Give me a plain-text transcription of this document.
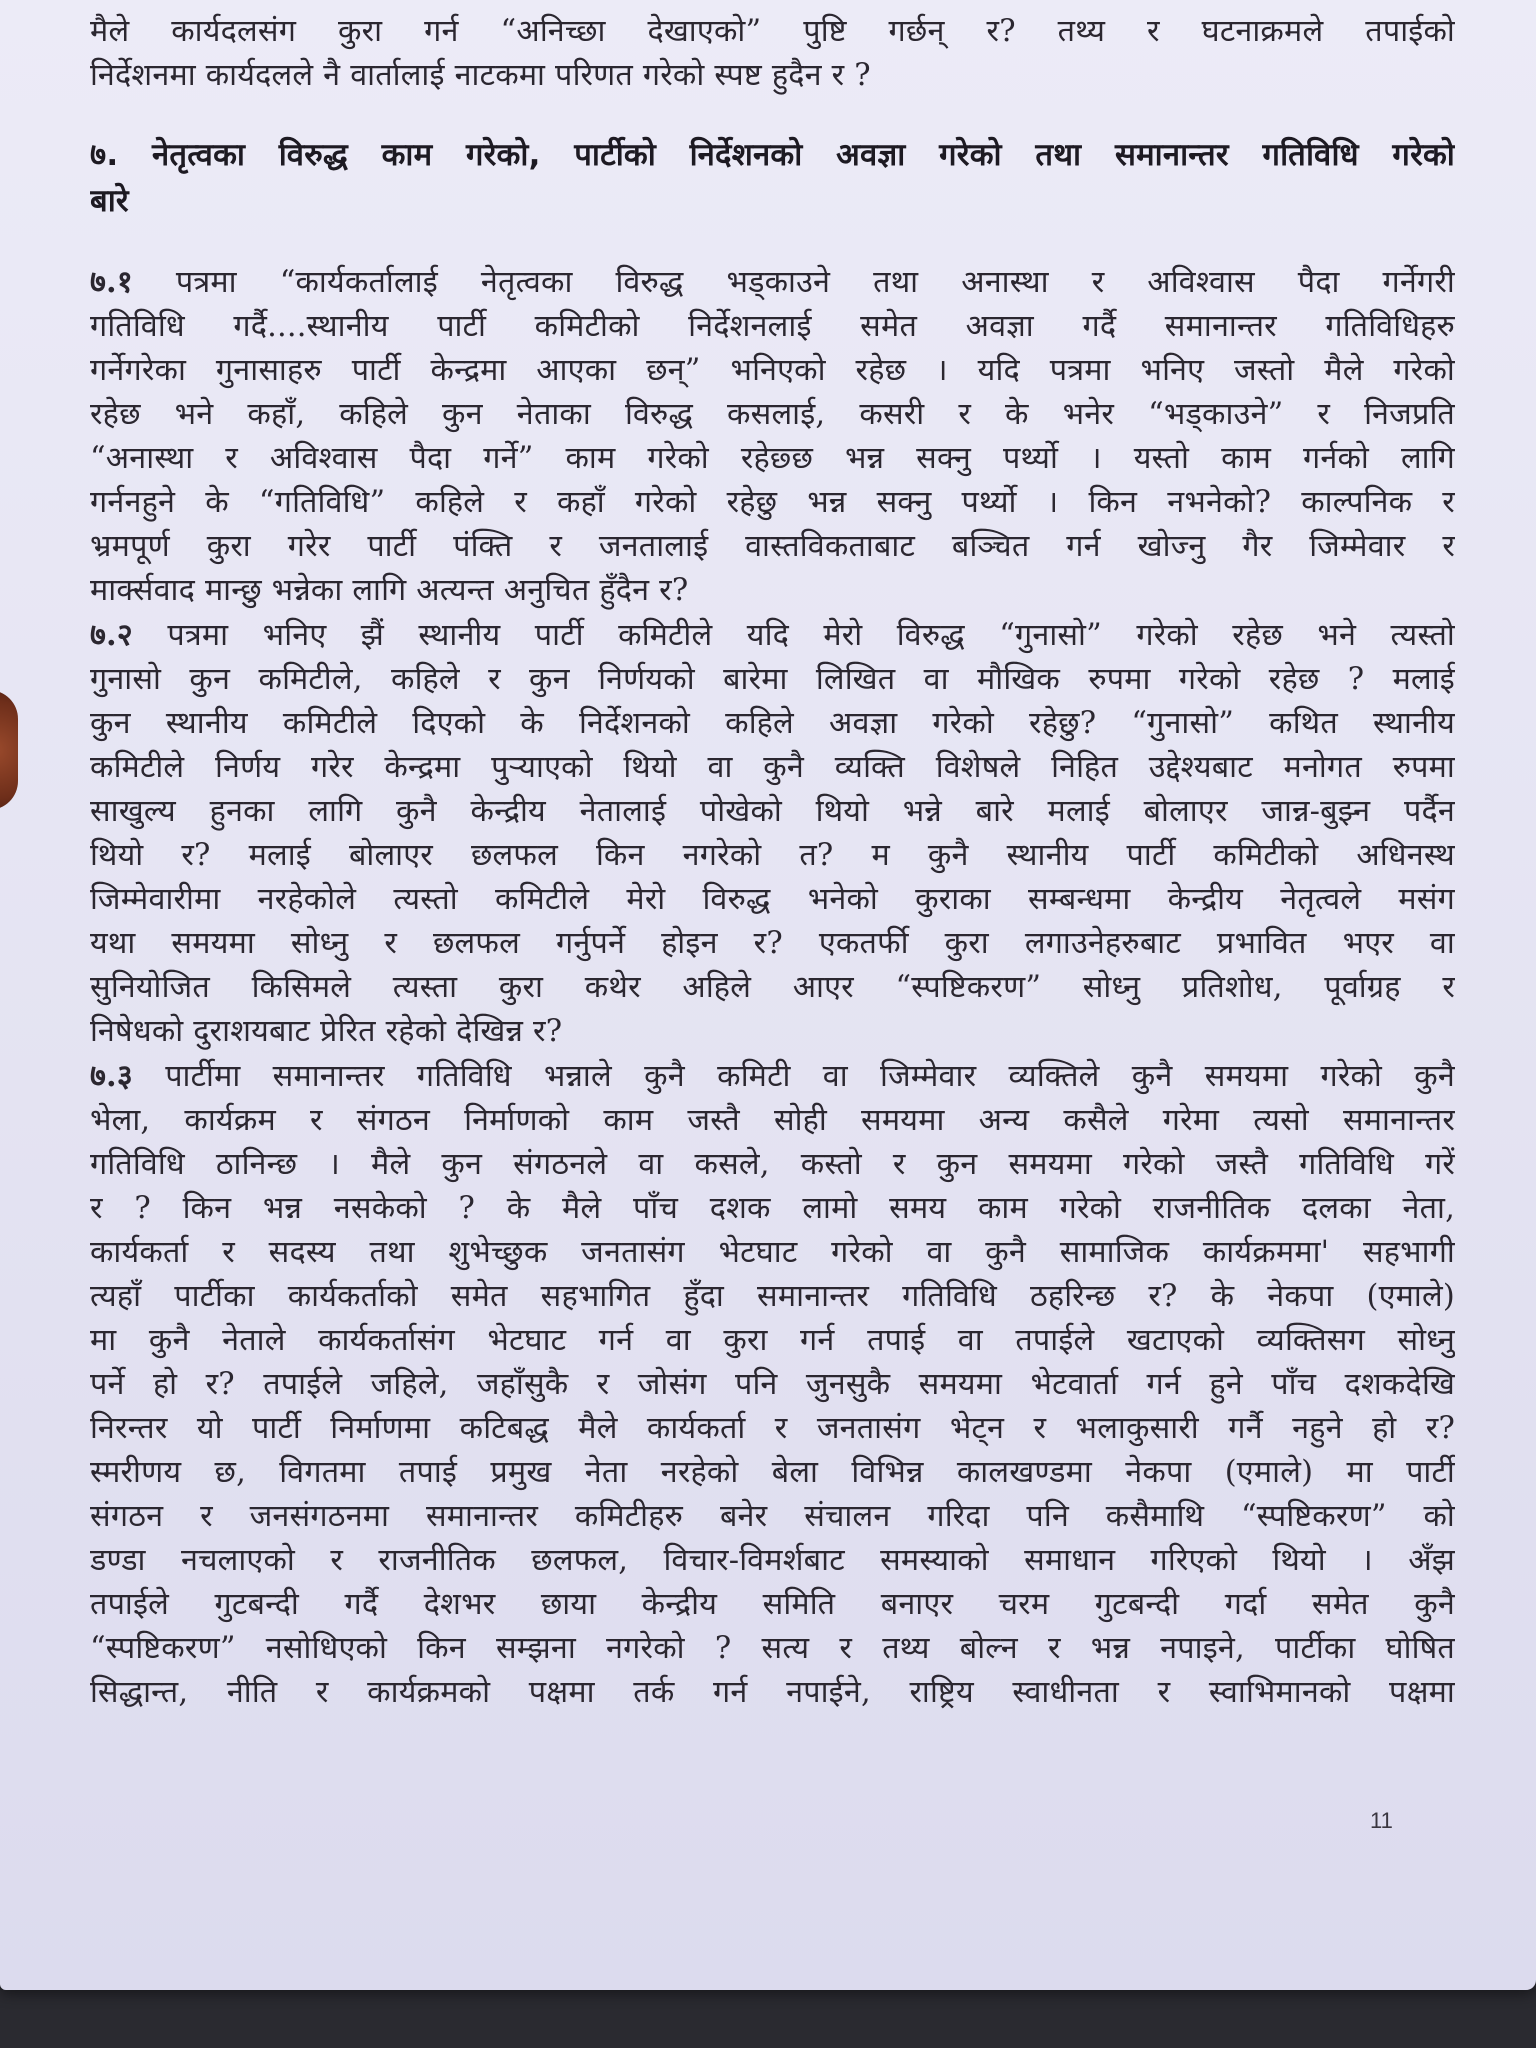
मैले कार्यदलसंग कुरा गर्न “अनिच्छा देखाएको” पुष्टि गर्छन् र? तथ्य र घटनाक्रमले तपाईको
निर्देशनमा कार्यदलले नै वार्तालाई नाटकमा परिणत गरेको स्पष्ट हुदैन र ?
७. नेतृत्वका विरुद्ध काम गरेको, पार्टीको निर्देशनको अवज्ञा गरेको तथा समानान्तर गतिविधि गरेको
बारे
७.१ पत्रमा “कार्यकर्तालाई नेतृत्वका विरुद्ध भड्काउने तथा अनास्था र अविश्वास पैदा गर्नेगरी
गतिविधि गर्दै....स्थानीय पार्टी कमिटीको निर्देशनलाई समेत अवज्ञा गर्दै समानान्तर गतिविधिहरु
गर्नेगरेका गुनासाहरु पार्टी केन्द्रमा आएका छन्” भनिएको रहेछ । यदि पत्रमा भनिए जस्तो मैले गरेको
रहेछ भने कहाँ, कहिले कुन नेताका विरुद्ध कसलाई, कसरी र के भनेर “भड्काउने” र निजप्रति
“अनास्था र अविश्वास पैदा गर्ने” काम गरेको रहेछ्छ भन्न सक्नु पर्थ्यो । यस्तो काम गर्नको लागि
गर्ननहुने के “गतिविधि” कहिले र कहाँ गरेको रहेछु भन्न सक्नु पर्थ्यो । किन नभनेको? काल्पनिक र
भ्रमपूर्ण कुरा गरेर पार्टी पंक्ति र जनतालाई वास्तविकताबाट बञ्चित गर्न खोज्नु गैर जिम्मेवार र
मार्क्सवाद मान्छु भन्नेका लागि अत्यन्त अनुचित हुँदैन र?
७.२ पत्रमा भनिए झैं स्थानीय पार्टी कमिटीले यदि मेरो विरुद्ध “गुनासो” गरेको रहेछ भने त्यस्तो
गुनासो कुन कमिटीले, कहिले र कुन निर्णयको बारेमा लिखित वा मौखिक रुपमा गरेको रहेछ ? मलाई
कुन स्थानीय कमिटीले दिएको के निर्देशनको कहिले अवज्ञा गरेको रहेछु? “गुनासो” कथित स्थानीय
कमिटीले निर्णय गरेर केन्द्रमा पुऱ्याएको थियो वा कुनै व्यक्ति विशेषले निहित उद्देश्यबाट मनोगत रुपमा
साखुल्य हुनका लागि कुनै केन्द्रीय नेतालाई पोखेको थियो भन्ने बारे मलाई बोलाएर जान्न-बुझ्न पर्दैन
थियो र? मलाई बोलाएर छलफल किन नगरेको त? म कुनै स्थानीय पार्टी कमिटीको अधिनस्थ
जिम्मेवारीमा नरहेकोले त्यस्तो कमिटीले मेरो विरुद्ध भनेको कुराका सम्बन्धमा केन्द्रीय नेतृत्वले मसंग
यथा समयमा सोध्नु र छलफल गर्नुपर्ने होइन र? एकतर्फी कुरा लगाउनेहरुबाट प्रभावित भएर वा
सुनियोजित किसिमले त्यस्ता कुरा कथेर अहिले आएर “स्पष्टिकरण” सोध्नु प्रतिशोध, पूर्वाग्रह र
निषेधको दुराशयबाट प्रेरित रहेको देखिन्न र?
७.३ पार्टीमा समानान्तर गतिविधि भन्नाले कुनै कमिटी वा जिम्मेवार व्यक्तिले कुनै समयमा गरेको कुनै
भेला, कार्यक्रम र संगठन निर्माणको काम जस्तै सोही समयमा अन्य कसैले गरेमा त्यसो समानान्तर
गतिविधि ठानिन्छ । मैले कुन संगठनले वा कसले, कस्तो र कुन समयमा गरेको जस्तै गतिविधि गरें
र ? किन भन्न नसकेको ? के मैले पाँच दशक लामो समय काम गरेको राजनीतिक दलका नेता,
कार्यकर्ता र सदस्य तथा शुभेच्छुक जनतासंग भेटघाट गरेको वा कुनै सामाजिक कार्यक्रममा' सहभागी
त्यहाँ पार्टीका कार्यकर्ताको समेत सहभागित हुँदा समानान्तर गतिविधि ठहरिन्छ र? के नेकपा (एमाले)
मा कुनै नेताले कार्यकर्तासंग भेटघाट गर्न वा कुरा गर्न तपाई वा तपाईले खटाएको व्यक्तिसग सोध्नु
पर्ने हो र? तपाईले जहिले, जहाँसुकै र जोसंग पनि जुनसुकै समयमा भेटवार्ता गर्न हुने पाँच दशकदेखि
निरन्तर यो पार्टी निर्माणमा कटिबद्ध मैले कार्यकर्ता र जनतासंग भेट्न र भलाकुसारी गर्नै नहुने हो र?
स्मरीणय छ, विगतमा तपाई प्रमुख नेता नरहेको बेला विभिन्न कालखण्डमा नेकपा (एमाले) मा पार्टी
संगठन र जनसंगठनमा समानान्तर कमिटीहरु बनेर संचालन गरिदा पनि कसैमाथि “स्पष्टिकरण” को
डण्डा नचलाएको र राजनीतिक छलफल, विचार-विमर्शबाट समस्याको समाधान गरिएको थियो । अँझ
तपाईले गुटबन्दी गर्दै देशभर छाया केन्द्रीय समिति बनाएर चरम गुटबन्दी गर्दा समेत कुनै
“स्पष्टिकरण” नसोधिएको किन सम्झना नगरेको ? सत्य र तथ्य बोल्न र भन्न नपाइने, पार्टीका घोषित
सिद्धान्त, नीति र कार्यक्रमको पक्षमा तर्क गर्न नपाईने, राष्ट्रिय स्वाधीनता र स्वाभिमानको पक्षमा
11
